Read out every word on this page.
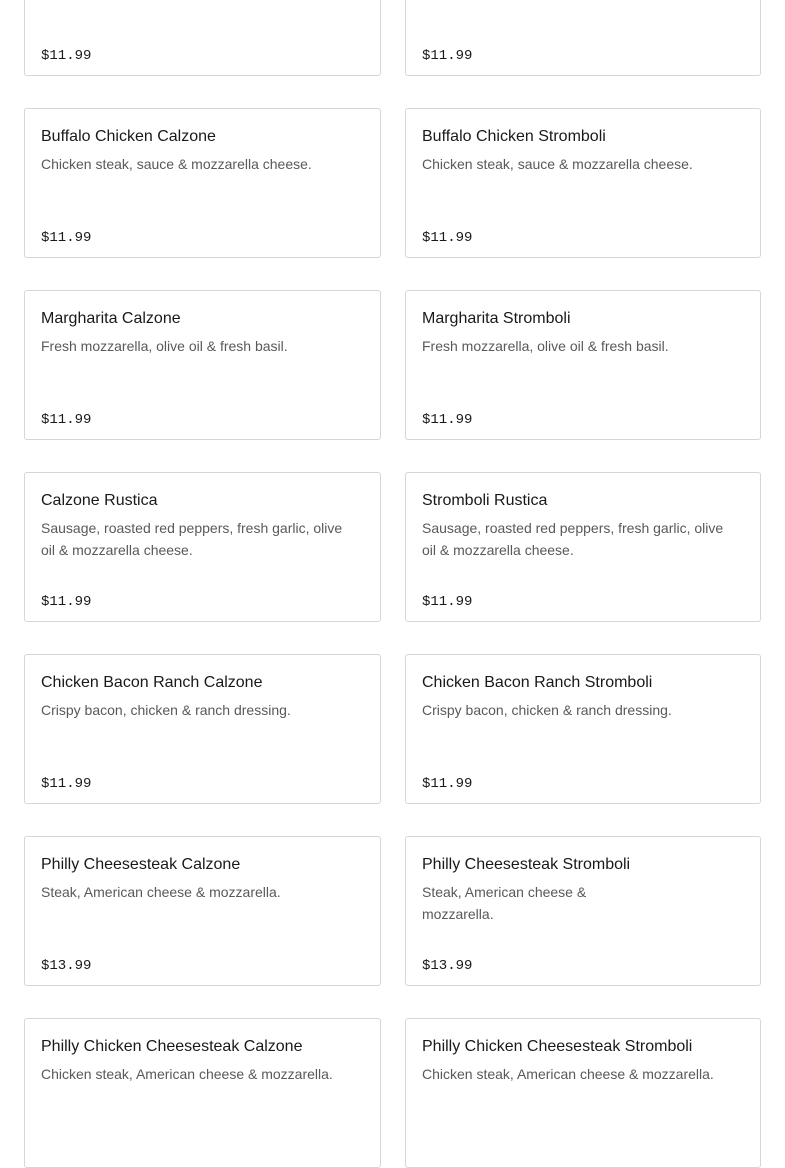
$11.99	$11.99
Buffalo Chicken Calzone
Chicken steak, sauce & mozzarella cheese.
$11.99
Buffalo Chicken Stromboli
Chicken steak, sauce & mozzarella cheese.
$11.99
Margharita Calzone
Fresh mozzarella, olive oil & fresh basil.
$11.99
Margharita Stromboli
Fresh mozzarella, olive oil & fresh basil.
$11.99
Calzone Rustica
Sausage, roasted red peppers, fresh garlic, olive oil & mozzarella cheese.
$11.99
Stromboli Rustica
Sausage, roasted red peppers, fresh garlic, olive oil & mozzarella cheese.
$11.99
Chicken Bacon Ranch Calzone
Crispy bacon, chicken & ranch dressing.
$11.99
Chicken Bacon Ranch Stromboli
Crispy bacon, chicken & ranch dressing.
$11.99
Philly Cheesesteak Calzone
Steak, American cheese & mozzarella.
$13.99
Philly Cheesesteak Stromboli
Steak, American cheese & mozzarella.
$13.99
Philly Chicken Cheesesteak Calzone
Chicken steak, American cheese & mozzarella.
Philly Chicken Cheesesteak Stromboli
Chicken steak, American cheese & mozzarella.
